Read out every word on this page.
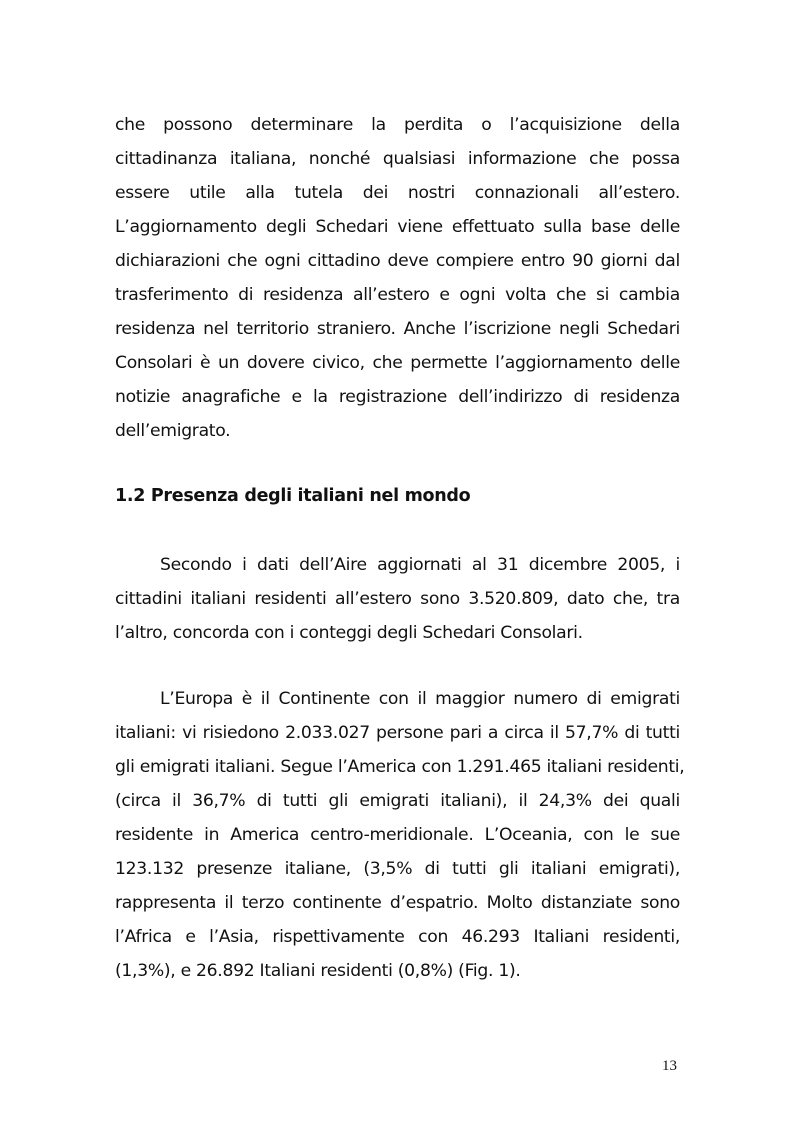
che possono determinare la perdita o l’acquisizione della
cittadinanza italiana, nonché qualsiasi informazione che possa
essere utile alla tutela dei nostri connazionali all’estero.
L’aggiornamento degli Schedari viene effettuato sulla base delle
dichiarazioni che ogni cittadino deve compiere entro 90 giorni dal
trasferimento di residenza all’estero e ogni volta che si cambia
residenza nel territorio straniero. Anche l’iscrizione negli Schedari
Consolari è un dovere civico, che permette l’aggiornamento delle
notizie anagrafiche e la registrazione dell’indirizzo di residenza
dell’emigrato.
1.2 Presenza degli italiani nel mondo
Secondo i dati dell’Aire aggiornati al 31 dicembre 2005, i
cittadini italiani residenti all’estero sono 3.520.809, dato che, tra
l’altro, concorda con i conteggi degli Schedari Consolari.
L’Europa è il Continente con il maggior numero di emigrati
italiani: vi risiedono 2.033.027 persone pari a circa il 57,7% di tutti
gli emigrati italiani. Segue l’America con 1.291.465 italiani residenti,
(circa il 36,7% di tutti gli emigrati italiani), il 24,3% dei quali
residente in America centro-meridionale. L’Oceania, con le sue
123.132 presenze italiane, (3,5% di tutti gli italiani emigrati),
rappresenta il terzo continente d’espatrio. Molto distanziate sono
l’Africa e l’Asia, rispettivamente con 46.293 Italiani residenti,
(1,3%), e 26.892 Italiani residenti (0,8%) (Fig. 1).
13
